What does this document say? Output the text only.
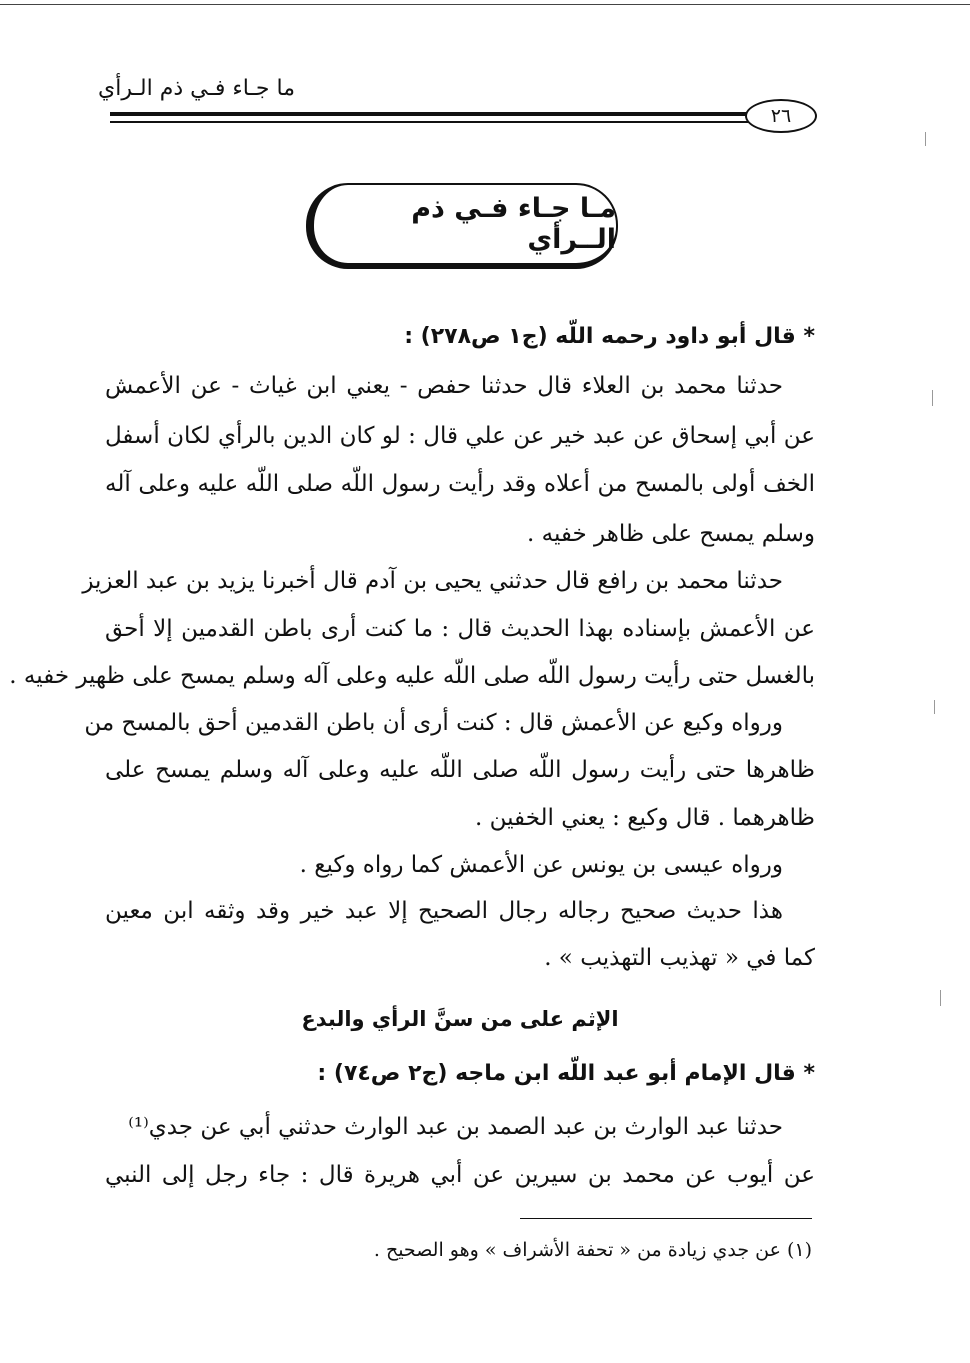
ما جـاء فـي ذم الـرأي
٢٦
مـا جـاء فـي ذم الــرأي
* قال أبو داود رحمه اللّه (ج١ ص٢٧٨) :
حدثنا محمد بن العلاء قال حدثنا حفص - يعني ابن غياث - عن الأعمش
عن أبي إسحاق عن عبد خير عن علي قال : لو كان الدين بالرأي لكان أسفل
الخف أولى بالمسح من أعلاه وقد رأيت رسول اللّه صلى اللّه عليه وعلى آله
وسلم يمسح على ظاهر خفيه .
حدثنا محمد بن رافع قال حدثني يحيى بن آدم قال أخبرنا يزيد بن عبد العزيز
عن الأعمش بإسناده بهذا الحديث قال : ما كنت أرى باطن القدمين إلا أحق
بالغسل حتى رأيت رسول اللّه صلى اللّه عليه وعلى آله وسلم يمسح على ظهير خفيه .
ورواه وكيع عن الأعمش قال : كنت أرى أن باطن القدمين أحق بالمسح من
ظاهرها حتى رأيت رسول اللّه صلى اللّه عليه وعلى آله وسلم يمسح على
ظاهرهما . قال وكيع : يعني الخفين .
ورواه عيسى بن يونس عن الأعمش كما رواه وكيع .
هذا حديث صحيح رجاله رجال الصحيح إلا عبد خير وقد وثقه ابن معين
كما في « تهذيب التهذيب » .
الإثم على من سنَّ الرأي والبدع
* قال الإمام أبو عبد اللّه ابن ماجه (ج٢ ص٧٤) :
حدثنا عبد الوارث بن عبد الصمد بن عبد الوارث حدثني أبي عن جدي⁽¹⁾
عن أيوب عن محمد بن سيرين عن أبي هريرة قال : جاء رجل إلى النبي
(١) عن جدي زيادة من « تحفة الأشراف » وهو الصحيح .
